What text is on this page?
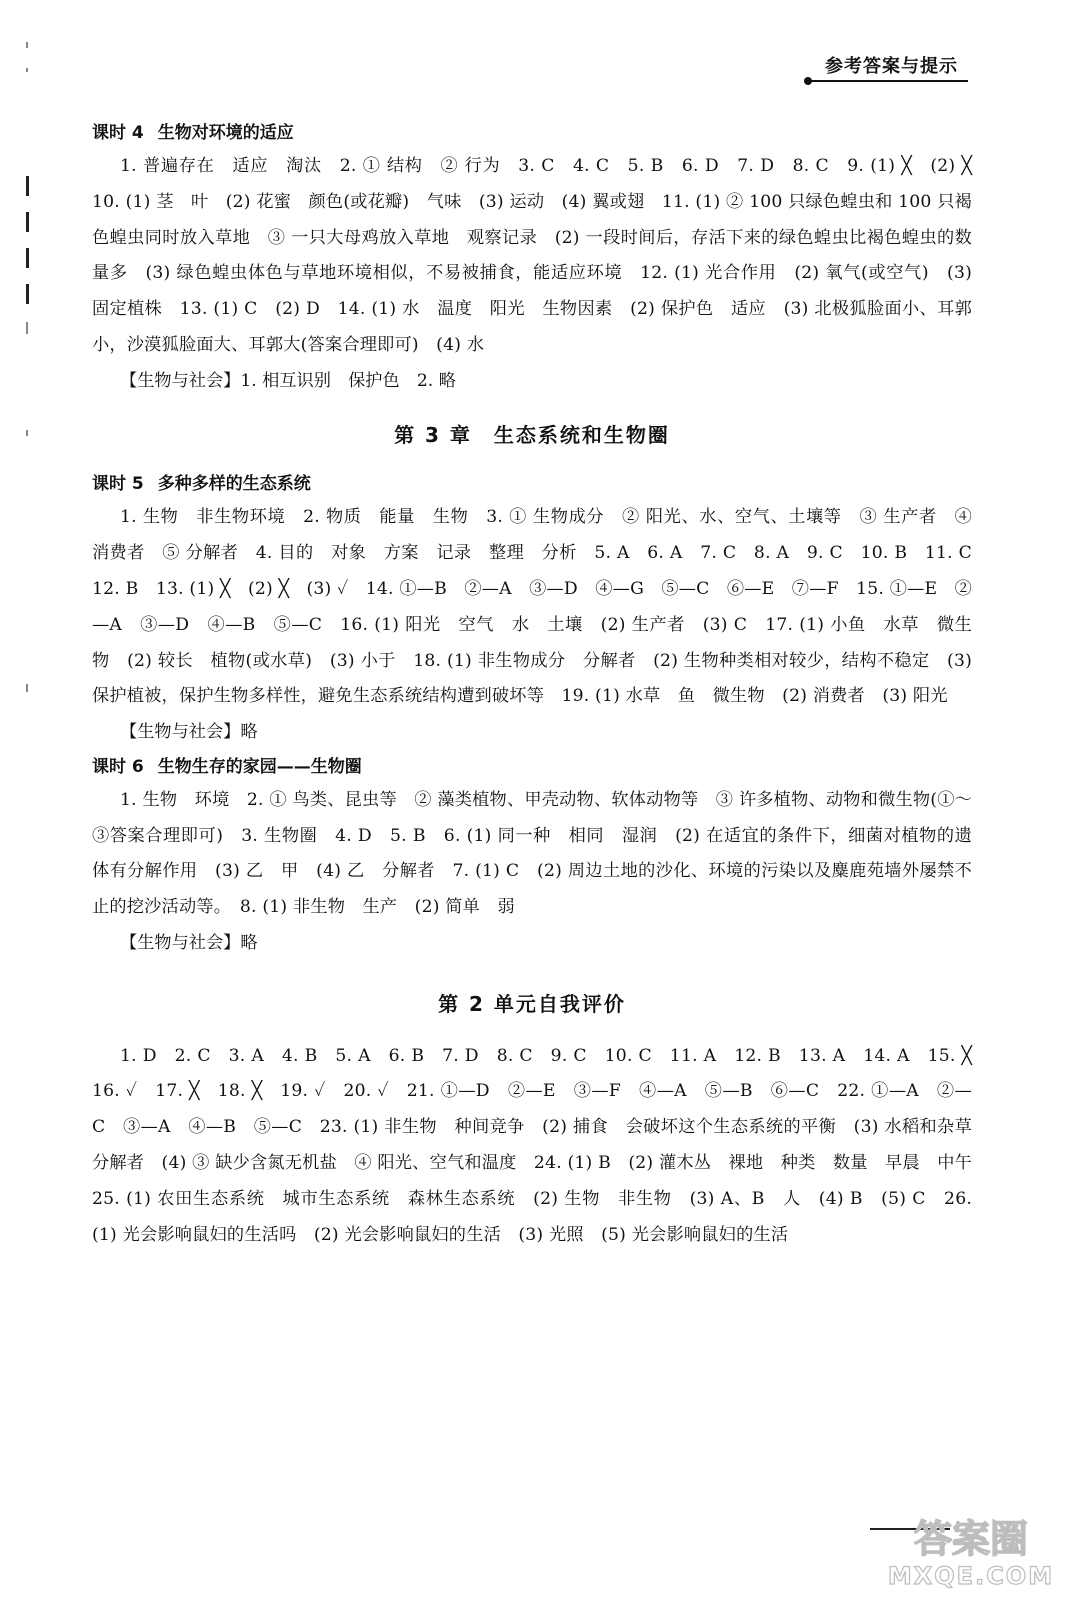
参考答案与提示
课时 4 生物对环境的适应

1. 普遍存在　适应　淘汰　2. ① 结构　② 行为　3. C　4. C　5. B　6. D　7. D　8. C　9. (1) ╳　(2) ╳　10. (1) 茎　叶　(2) 花蜜　颜色(或花瓣)　气味　(3) 运动　(4) 翼或翅　11. (1) ② 100 只绿色蝗虫和 100 只褐色蝗虫同时放入草地　③ 一只大母鸡放入草地　观察记录　(2) 一段时间后，存活下来的绿色蝗虫比褐色蝗虫的数量多　(3) 绿色蝗虫体色与草地环境相似，不易被捕食，能适应环境　12. (1) 光合作用　(2) 氧气(或空气)　(3) 固定植株　13. (1) C　(2) D　14. (1) 水　温度　阳光　生物因素　(2) 保护色　适应　(3) 北极狐脸面小、耳郭小，沙漠狐脸面大、耳郭大(答案合理即可)　(4) 水

【生物与社会】1. 相互识别　保护色　2. 略

第 3 章　生态系统和生物圈
课时 5 多种多样的生态系统

1. 生物　非生物环境　2. 物质　能量　生物　3. ① 生物成分　② 阳光、水、空气、土壤等　③ 生产者　④ 消费者　⑤ 分解者　4. 目的　对象　方案　记录　整理　分析　5. A　6. A　7. C　8. A　9. C　10. B　11. C　12. B　13. (1) ╳　(2) ╳　(3) ✓　14. ①—B　②—A　③—D　④—G　⑤—C　⑥—E　⑦—F　15. ①—E　②—A　③—D　④—B　⑤—C　16. (1) 阳光　空气　水　土壤　(2) 生产者　(3) C　17. (1) 小鱼　水草　微生物　(2) 较长　植物(或水草)　(3) 小于　18. (1) 非生物成分　分解者　(2) 生物种类相对较少，结构不稳定　(3) 保护植被，保护生物多样性，避免生态系统结构遭到破坏等　19. (1) 水草　鱼　微生物　(2) 消费者　(3) 阳光

【生物与社会】略

课时 6 生物生存的家园——生物圈

1. 生物　环境　2. ① 鸟类、昆虫等　② 藻类植物、甲壳动物、软体动物等　③ 许多植物、动物和微生物(①～③答案合理即可)　3. 生物圈　4. D　5. B　6. (1) 同一种　相同　湿润　(2) 在适宜的条件下，细菌对植物的遗体有分解作用　(3) 乙　甲　(4) 乙　分解者　7. (1) C　(2) 周边土地的沙化、环境的污染以及麋鹿苑墙外屡禁不止的挖沙活动等。　8. (1) 非生物　生产　(2) 简单　弱

【生物与社会】略

第 2 单元自我评价

1. D　2. C　3. A　4. B　5. A　6. B　7. D　8. C　9. C　10. C　11. A　12. B　13. A　14. A　15. ╳　16. ✓　17. ╳　18. ╳　19. ✓　20. ✓　21. ①—D　②—E　③—F　④—A　⑤—B　⑥—C　22. ①—A　②—C　③—A　④—B　⑤—C　23. (1) 非生物　种间竞争　(2) 捕食　会破坏这个生态系统的平衡　(3) 水稻和杂草　分解者　(4) ③ 缺少含氮无机盐　④ 阳光、空气和温度　24. (1) B　(2) 灌木丛　裸地　种类　数量　早晨　中午　25. (1) 农田生态系统　城市生态系统　森林生态系统　(2) 生物　非生物　(3) A、B　人　(4) B　(5) C　26. (1) 光会影响鼠妇的生活吗　(2) 光会影响鼠妇的生活　(3) 光照　(5) 光会影响鼠妇的生活

答案圈
MXQE.COM
